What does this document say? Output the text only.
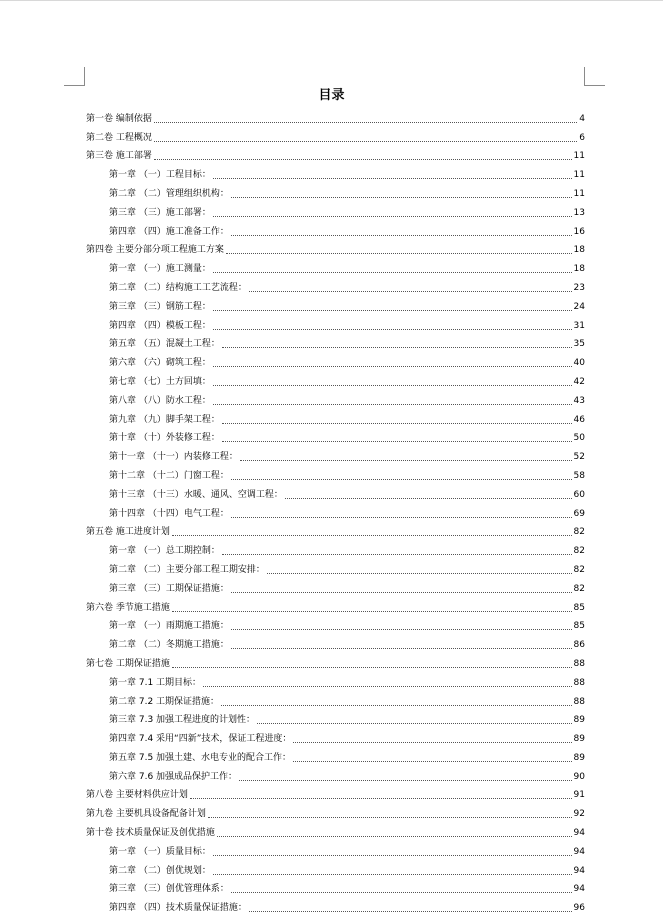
目录
第一卷 编制依据	4
第二卷 工程概况	6
第三卷 施工部署	11
第一章 （一）工程目标：	11
第二章 （二）管理组织机构：	11
第三章 （三）施工部署：	13
第四章 （四）施工准备工作：	16
第四卷 主要分部分项工程施工方案	18
第一章 （一）施工测量：	18
第二章 （二）结构施工工艺流程：	23
第三章 （三）钢筋工程：	24
第四章 （四）模板工程：	31
第五章 （五）混凝土工程：	35
第六章 （六）砌筑工程：	40
第七章 （七）土方回填：	42
第八章 （八）防水工程：	43
第九章 （九）脚手架工程：	46
第十章 （十）外装修工程：	50
第十一章 （十一）内装修工程：	52
第十二章 （十二）门窗工程：	58
第十三章 （十三）水暖、通风、空调工程：	60
第十四章 （十四）电气工程：	69
第五卷 施工进度计划	82
第一章 （一）总工期控制：	82
第二章 （二）主要分部工程工期安排：	82
第三章 （三）工期保证措施：	82
第六卷 季节施工措施	85
第一章 （一）雨期施工措施：	85
第二章 （二）冬期施工措施：	86
第七卷 工期保证措施	88
第一章 7.1 工期目标：	88
第二章 7.2 工期保证措施：	88
第三章 7.3 加强工程进度的计划性：	89
第四章 7.4 采用“四新”技术，保证工程进度：	89
第五章 7.5 加强土建、水电专业的配合工作：	89
第六章 7.6 加强成品保护工作：	90
第八卷 主要材料供应计划	91
第九卷 主要机具设备配备计划	92
第十卷 技术质量保证及创优措施	94
第一章 （一）质量目标：	94
第二章 （二）创优规划：	94
第三章 （三）创优管理体系：	94
第四章 （四）技术质量保证措施：	96
